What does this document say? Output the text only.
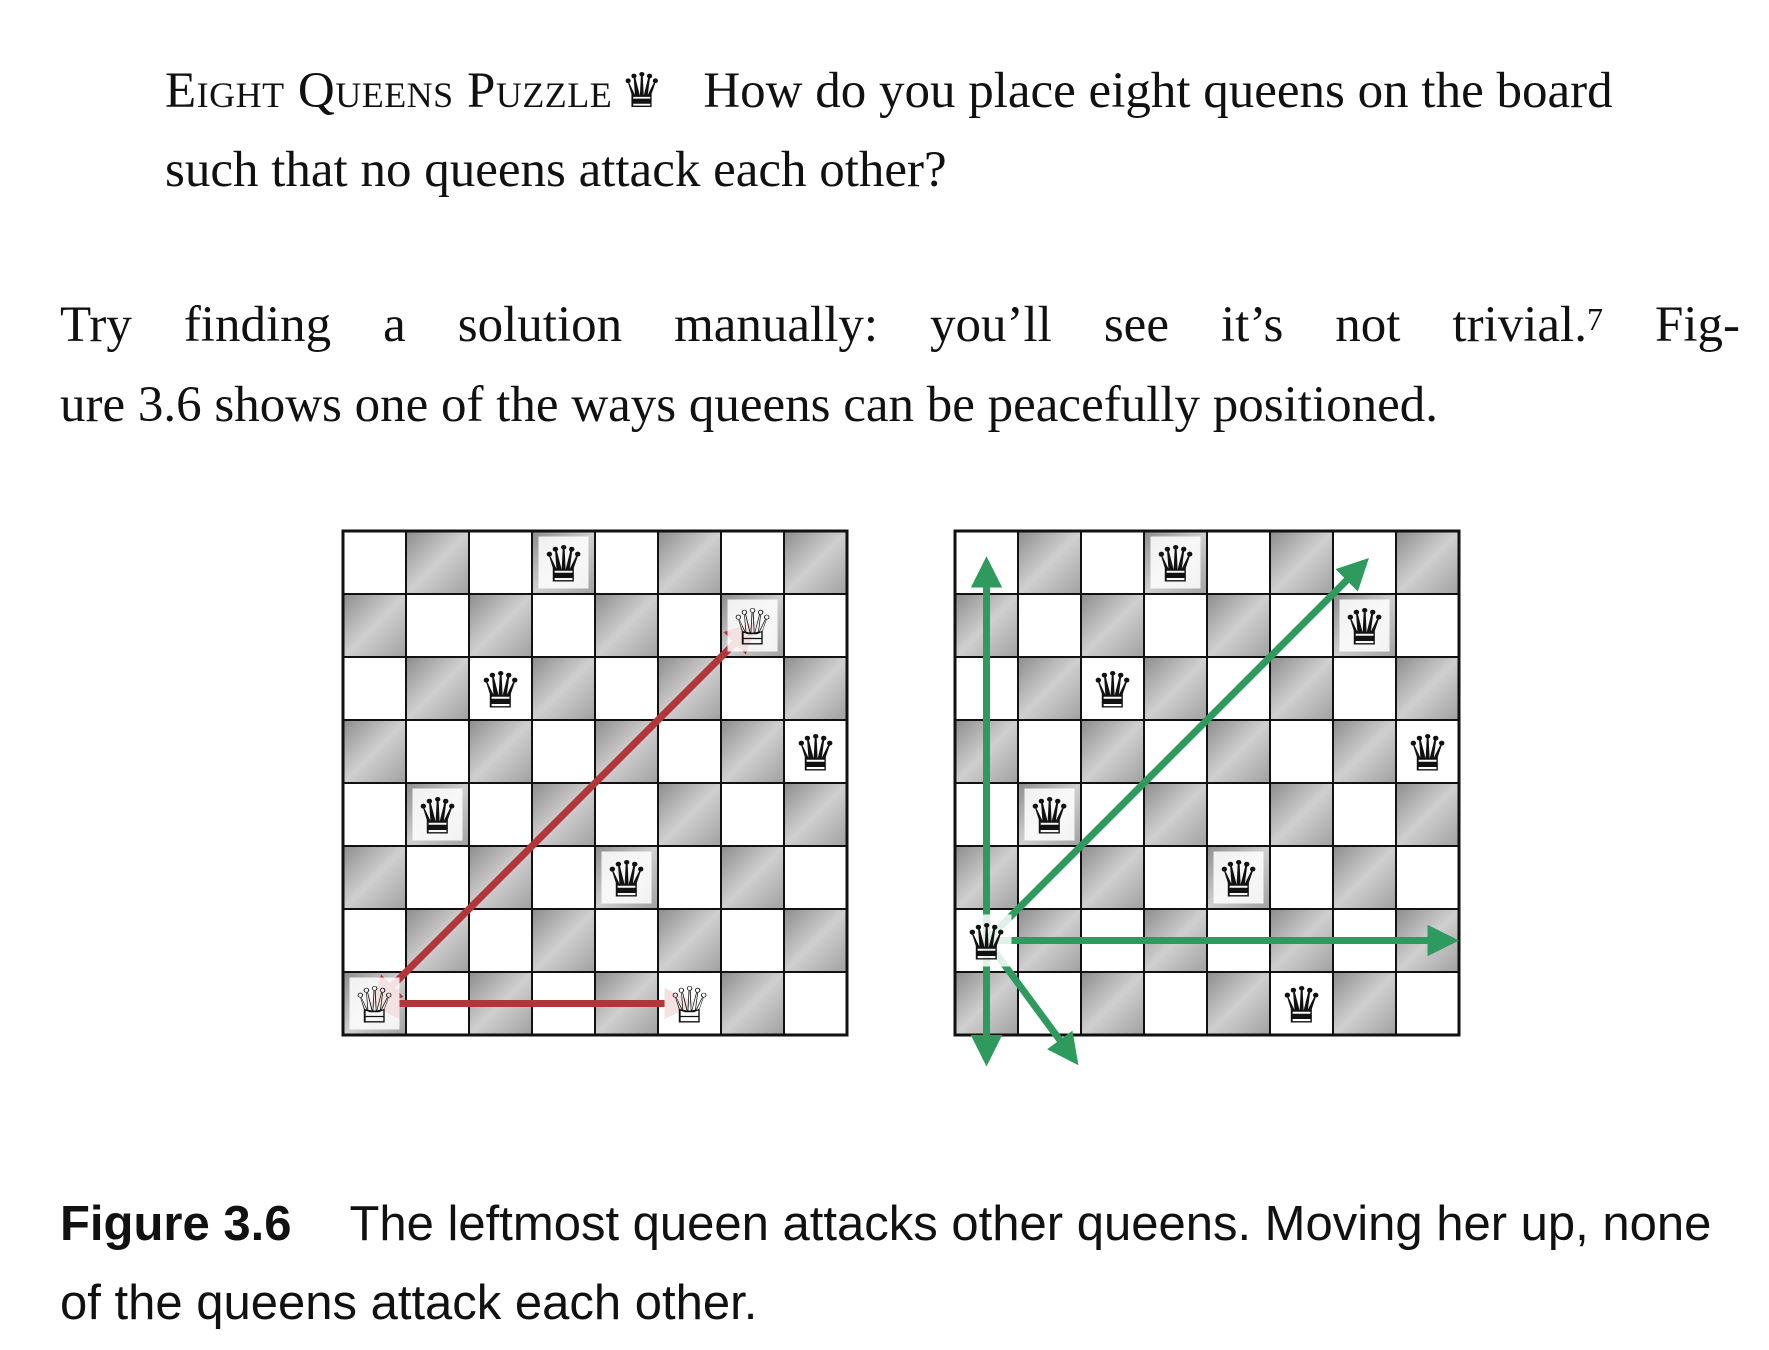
Eight Queens Puzzle ♛ How do you place eight queens on the board such that no queens attack each other?

Try finding a solution manually: you’ll see it’s not trivial.$^7$ Fig-
ure 3.6 shows one of the ways queens can be peacefully positioned.

♛
♕
♛
♛
♛
♛
♕	♕
♛
♛
♛
♛
♛
♛
♛
♛

Figure 3.6 The leftmost queen attacks other queens. Moving her up, none of the queens attack each other.
